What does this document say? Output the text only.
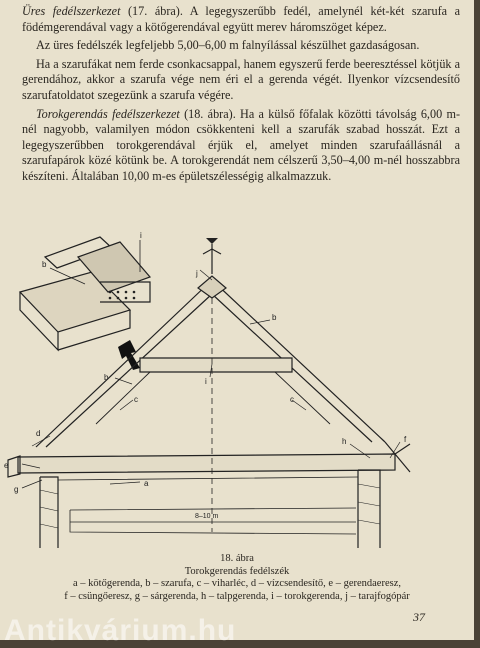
Üres fedélszerkezet (17. ábra). A legegyszerűbb fedél, amelynél két-két szarufa a födémgerendával vagy a kötőgerendával együtt merev háromszöget képez.

Az üres fedélszék legfeljebb 5,00–6,00 m falnyílással készülhet gazdaságosan.

Ha a szarufákat nem ferde csonkacsappal, hanem egyszerű ferde beeresztéssel kötjük a gerendához, akkor a szarufa vége nem éri el a gerenda végét. Ilyenkor vízcsendesítő szarufatoldatot szegezünk a szarufa végére.

Torokgerendás fedélszerkezet (18. ábra). Ha a külső főfalak közötti távolság 6,00 m-nél nagyobb, valamilyen módon csökkenteni kell a szarufák szabad hosszát. Ezt a legegyszerűbben torokgerendával érjük el, amelyet minden szarufaállásnál a szarufapárok közé kötünk be. A torokgerendát nem célszerű 3,50–4,00 m-nél hosszabbra készíteni. Általában 10,00 m-es épületszélességig alkalmazzuk.

b
i
j
b
b	i
c	c
d
h	f
e
a
g
8–10 m
18. ábra
Torokgerendás fedélszék
a – kötőgerenda, b – szarufa, c – viharléc, d – vízcsendesítő, e – gerendaeresz,
f – csüngőeresz, g – sárgerenda, h – talpgerenda, i – torokgerenda, j – tarajfogópár
37
Antikvárium.hu
